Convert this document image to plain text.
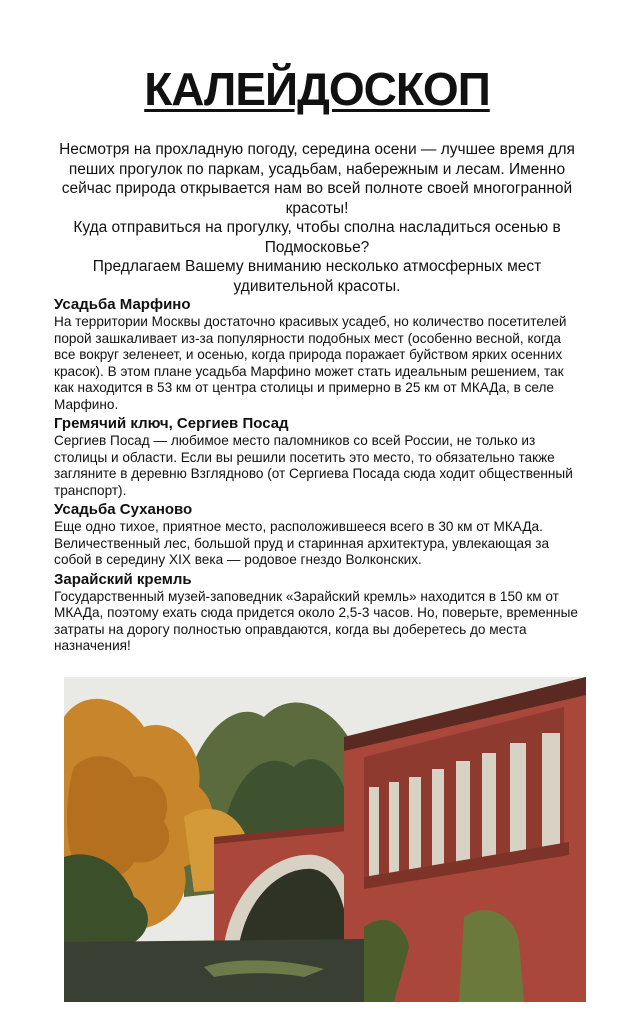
КАЛЕЙДОСКОП

Несмотря на прохладную погоду, середина осени — лучшее время для пеших прогулок по паркам, усадьбам, набережным и лесам. Именно сейчас природа открывается нам во всей полноте своей многогранной красоты!

Куда отправиться на прогулку, чтобы сполна насладиться осенью в Подмосковье?

Предлагаем Вашему вниманию несколько атмосферных мест удивительной красоты.

Усадьба Марфино

На территории Москвы достаточно красивых усадеб, но количество посетителей порой зашкаливает из-за популярности подобных мест (особенно весной, когда все вокруг зеленеет, и осенью, когда природа поражает буйством ярких осенних красок). В этом плане усадьба Марфино может стать идеальным решением, так как находится в 53 км от центра столицы и примерно в 25 км от МКАДа, в селе Марфино.

Гремячий ключ, Сергиев Посад

Сергиев Посад — любимое место паломников со всей России, не только из столицы и области. Если вы решили посетить это место, то обязательно также загляните в деревню Взглядново (от Сергиева Посада сюда ходит общественный транспорт).

Усадьба Суханово

Еще одно тихое, приятное место, расположившееся всего в 30 км от МКАДа. Величественный лес, большой пруд и старинная архитектура, увлекающая за собой в середину XIX века — родовое гнездо Волконских.

Зарайский кремль

Государственный музей-заповедник «Зарайский кремль» находится в 150 км от МКАДа, поэтому ехать сюда придется около 2,5-3 часов. Но, поверьте, временные затраты на дорогу полностью оправдаются, когда вы доберетесь до места назначения!
